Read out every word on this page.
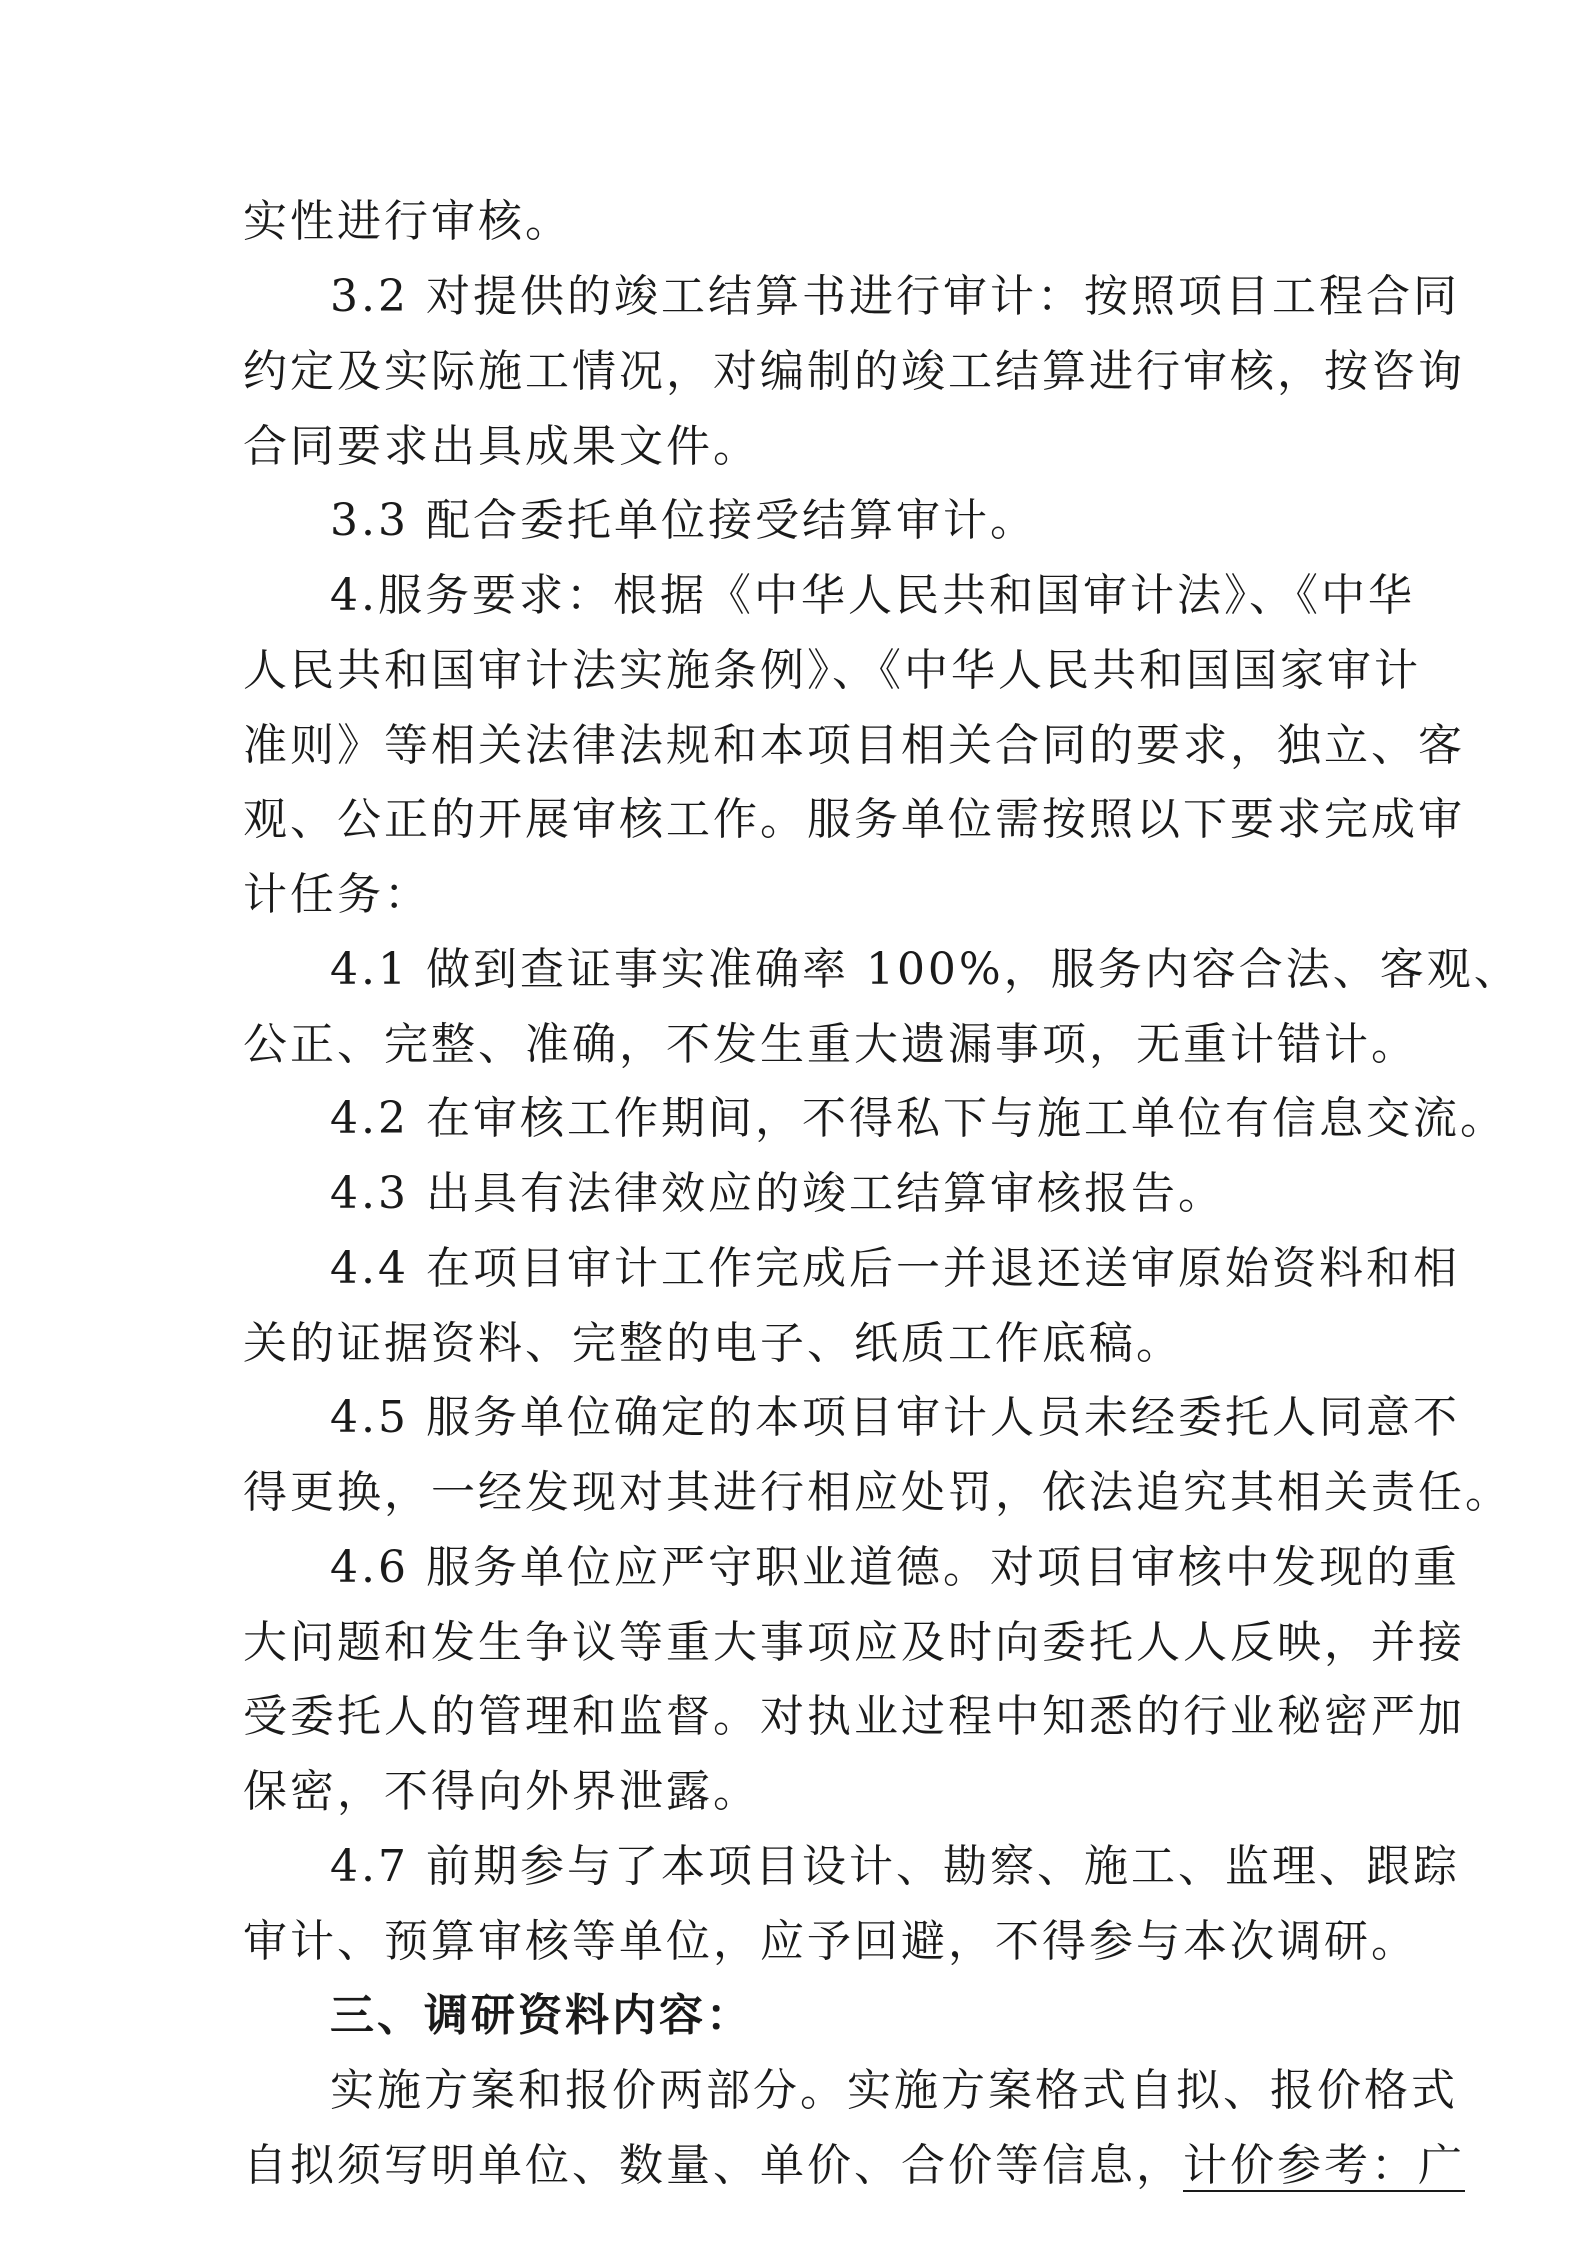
实性进行审核。
3.2 对提供的竣工结算书进行审计：按照项目工程合同
约定及实际施工情况，对编制的竣工结算进行审核，按咨询
合同要求出具成果文件。
3.3 配合委托单位接受结算审计。
4.服务要求：根据《中华人民共和国审计法》、《中华
人民共和国审计法实施条例》、《中华人民共和国国家审计
准则》等相关法律法规和本项目相关合同的要求，独立、客
观、公正的开展审核工作。服务单位需按照以下要求完成审
计任务：
4.1 做到查证事实准确率 100%，服务内容合法、客观、
公正、完整、准确，不发生重大遗漏事项，无重计错计。
4.2 在审核工作期间，不得私下与施工单位有信息交流。
4.3 出具有法律效应的竣工结算审核报告。
4.4 在项目审计工作完成后一并退还送审原始资料和相
关的证据资料、完整的电子、纸质工作底稿。
4.5 服务单位确定的本项目审计人员未经委托人同意不
得更换，一经发现对其进行相应处罚，依法追究其相关责任。
4.6 服务单位应严守职业道德。对项目审核中发现的重
大问题和发生争议等重大事项应及时向委托人人反映，并接
受委托人的管理和监督。对执业过程中知悉的行业秘密严加
保密，不得向外界泄露。
4.7 前期参与了本项目设计、勘察、施工、监理、跟踪
审计、预算审核等单位，应予回避，不得参与本次调研。
三、调研资料内容：
实施方案和报价两部分。实施方案格式自拟、报价格式
自拟须写明单位、数量、单价、合价等信息，计价参考：广
